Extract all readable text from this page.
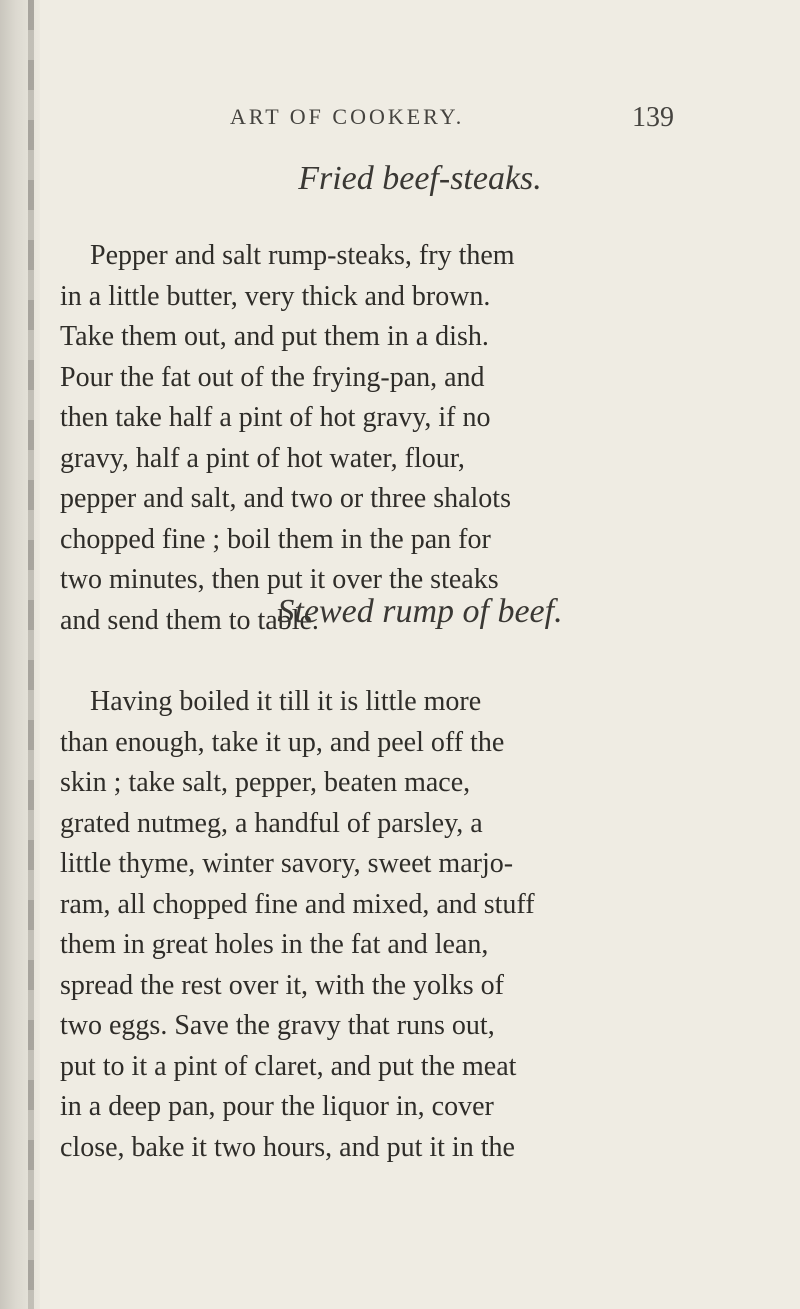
ART OF COOKERY.	139
Fried beef-steaks.
Pepper and salt rump-steaks, fry them
in a little butter, very thick and brown.
Take them out, and put them in a dish.
Pour the fat out of the frying-pan, and
then take half a pint of hot gravy, if no
gravy, half a pint of hot water, flour,
pepper and salt, and two or three shalots
chopped fine ; boil them in the pan for
two minutes, then put it over the steaks
and send them to table.
Stewed rump of beef.
Having boiled it till it is little more
than enough, take it up, and peel off the
skin ; take salt, pepper, beaten mace,
grated nutmeg, a handful of parsley, a
little thyme, winter savory, sweet marjo-
ram, all chopped fine and mixed, and stuff
them in great holes in the fat and lean,
spread the rest over it, with the yolks of
two eggs. Save the gravy that runs out,
put to it a pint of claret, and put the meat
in a deep pan, pour the liquor in, cover
close, bake it two hours, and put it in the
